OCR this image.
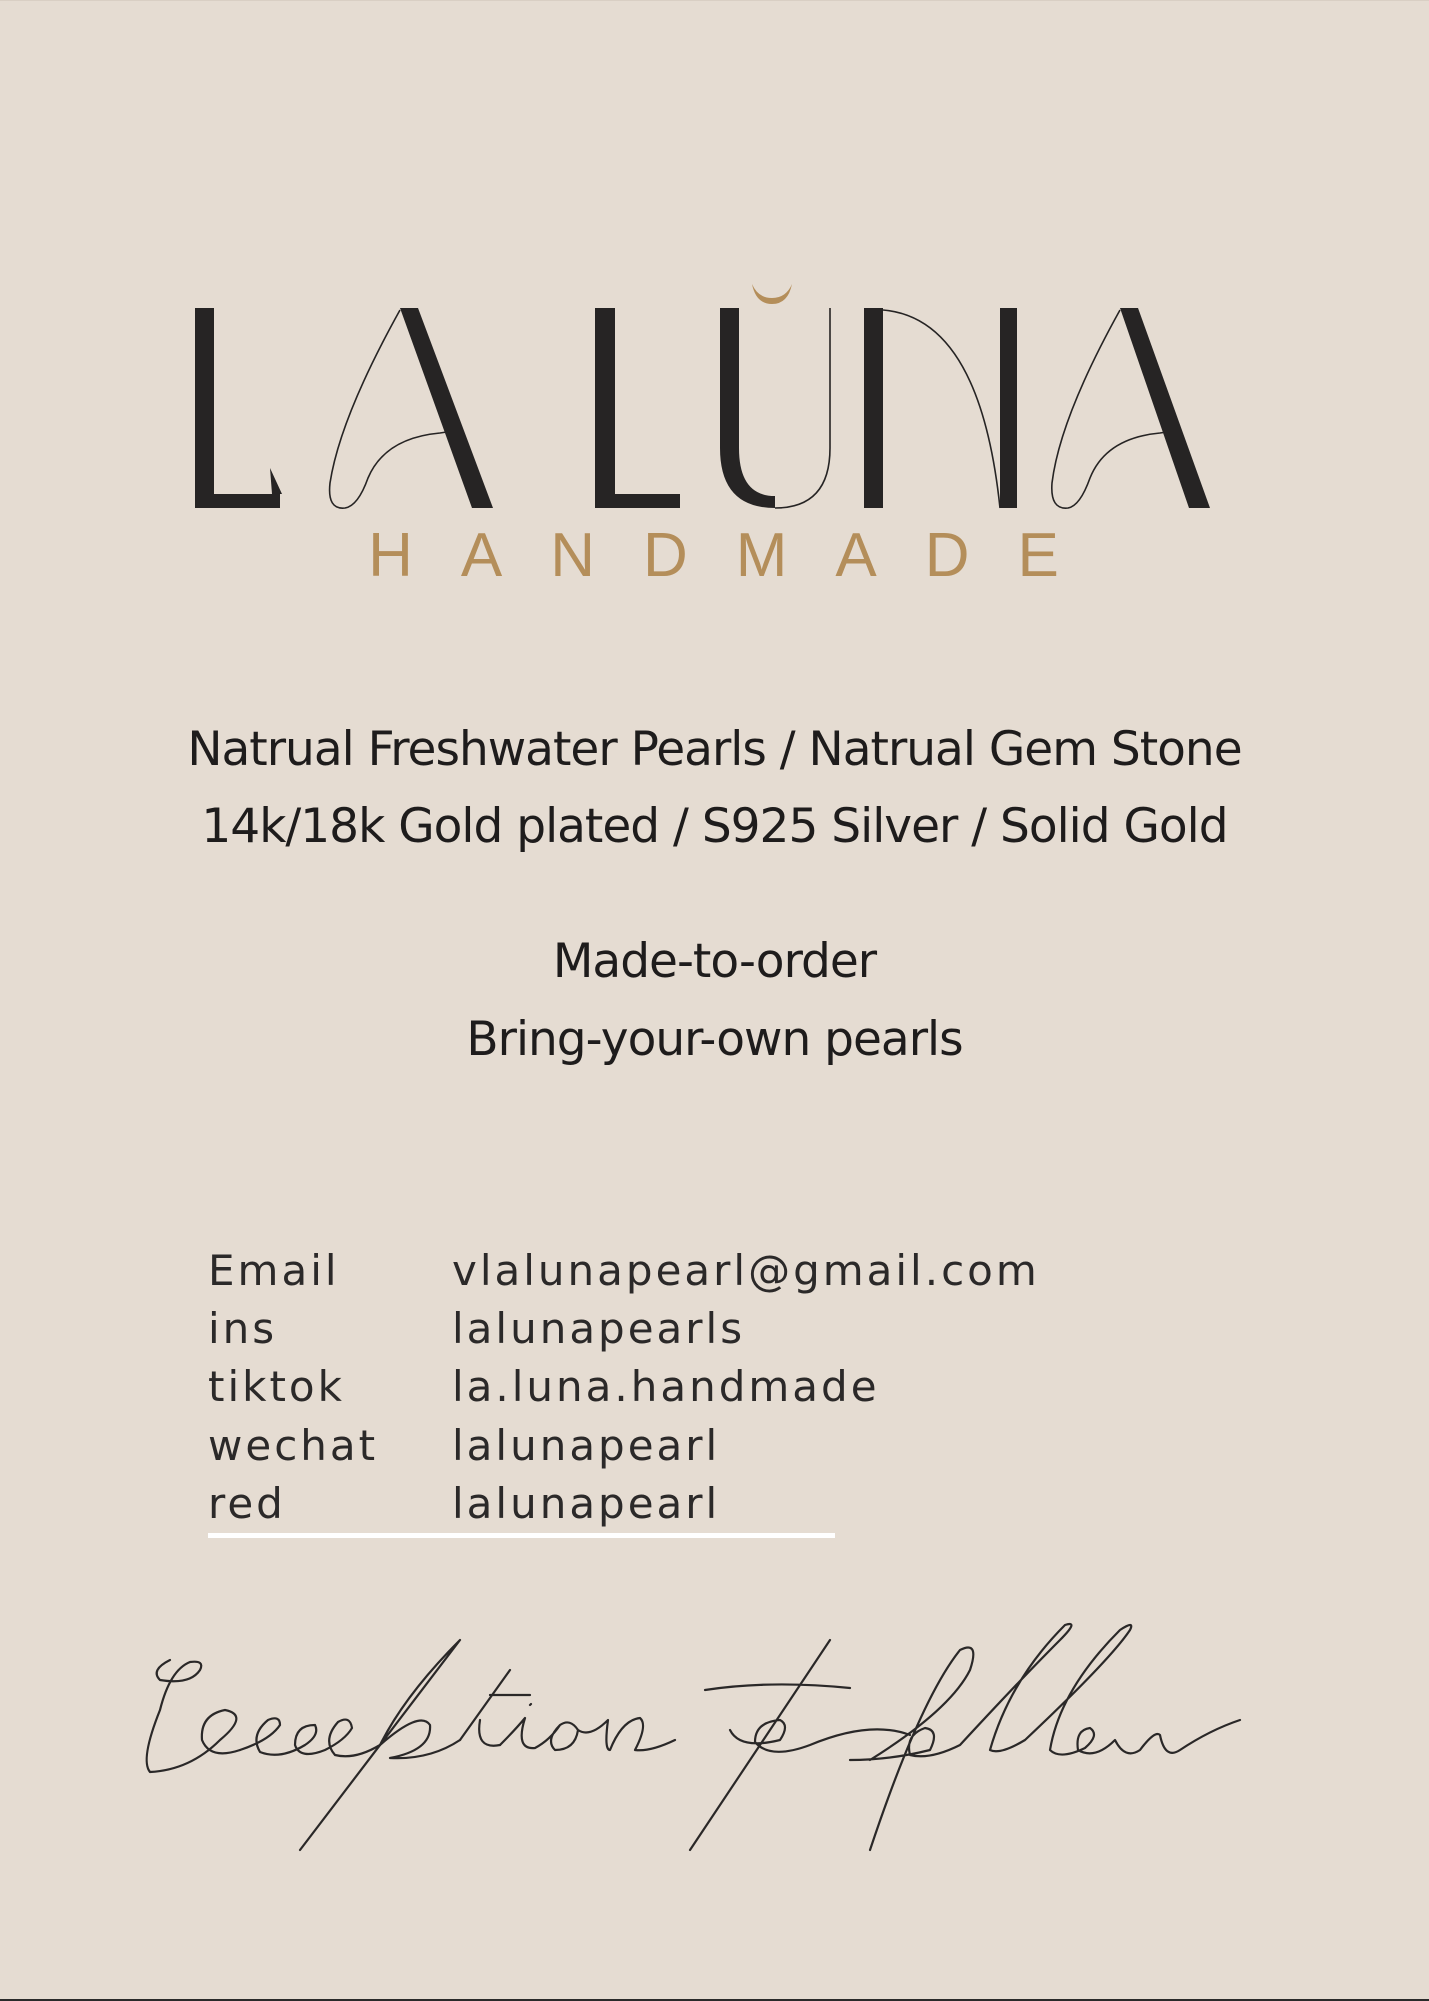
HANDMADE
Natrual Freshwater Pearls / Natrual Gem Stone
14k/18k Gold plated / S925 Silver / Solid Gold
Made-to-order
Bring-your-own pearls
Email	vlalunapearl@gmail.com
ins	lalunapearls
tiktok	la.luna.handmade
wechat lalunapearl
red	lalunapearl
